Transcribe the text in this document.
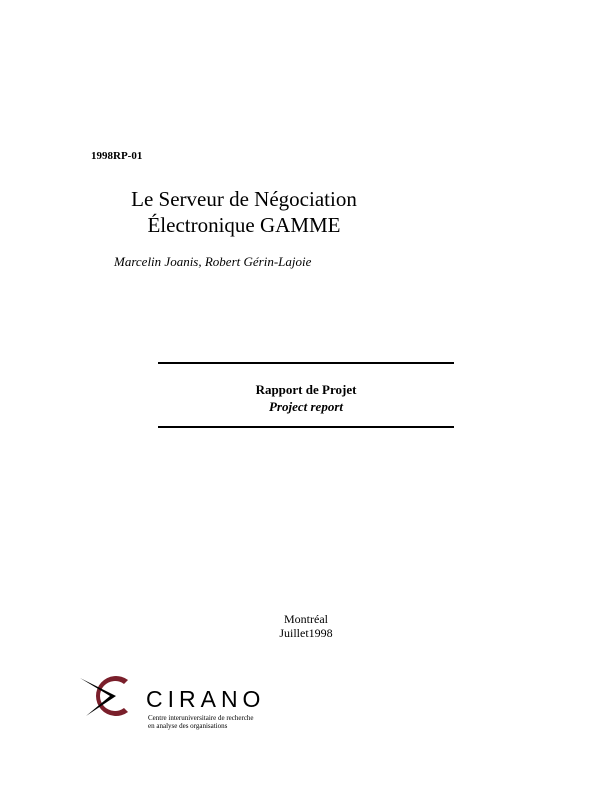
1998RP-01
Le Serveur de Négociation
Électronique GAMME
Marcelin Joanis, Robert Gérin-Lajoie
Rapport de Projet
Project report
Montréal
Juillet1998
CIRANO
Centre interuniversitaire de recherche
en analyse des organisations
